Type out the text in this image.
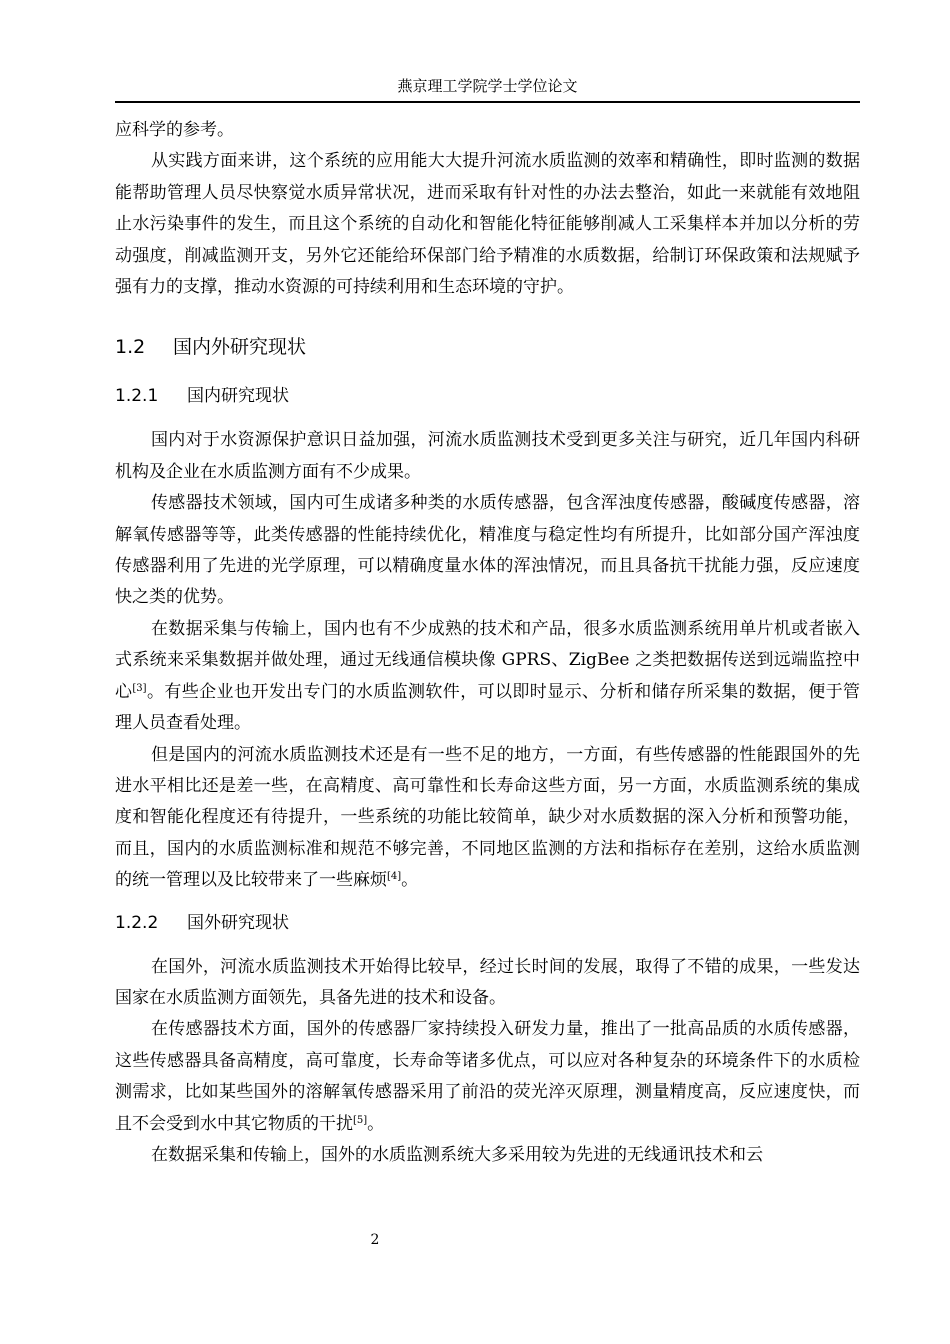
燕京理工学院学士学位论文

应科学的参考。

从实践方面来讲，这个系统的应用能大大提升河流水质监测的效率和精确性，即时监测的数据能帮助管理人员尽快察觉水质异常状况，进而采取有针对性的办法去整治，如此一来就能有效地阻止水污染事件的发生，而且这个系统的自动化和智能化特征能够削减人工采集样本并加以分析的劳动强度，削减监测开支，另外它还能给环保部门给予精准的水质数据，给制订环保政策和法规赋予强有力的支撑，推动水资源的可持续利用和生态环境的守护。

1.2 国内外研究现状
1.2.1 国内研究现状

国内对于水资源保护意识日益加强，河流水质监测技术受到更多关注与研究，近几年国内科研机构及企业在水质监测方面有不少成果。

传感器技术领域，国内可生成诸多种类的水质传感器，包含浑浊度传感器，酸碱度传感器，溶解氧传感器等等，此类传感器的性能持续优化，精准度与稳定性均有所提升，比如部分国产浑浊度传感器利用了先进的光学原理，可以精确度量水体的浑浊情况，而且具备抗干扰能力强，反应速度快之类的优势。

在数据采集与传输上，国内也有不少成熟的技术和产品，很多水质监测系统用单片机或者嵌入式系统来采集数据并做处理，通过无线通信模块像 GPRS、ZigBee 之类把数据传送到远端监控中心[3]。有些企业也开发出专门的水质监测软件，可以即时显示、分析和储存所采集的数据，便于管理人员查看处理。

但是国内的河流水质监测技术还是有一些不足的地方，一方面，有些传感器的性能跟国外的先进水平相比还是差一些，在高精度、高可靠性和长寿命这些方面，另一方面，水质监测系统的集成度和智能化程度还有待提升，一些系统的功能比较简单，缺少对水质数据的深入分析和预警功能，而且，国内的水质监测标准和规范不够完善，不同地区监测的方法和指标存在差别，这给水质监测的统一管理以及比较带来了一些麻烦[4]。

1.2.2 国外研究现状

在国外，河流水质监测技术开始得比较早，经过长时间的发展，取得了不错的成果，一些发达国家在水质监测方面领先，具备先进的技术和设备。

在传感器技术方面，国外的传感器厂家持续投入研发力量，推出了一批高品质的水质传感器，这些传感器具备高精度，高可靠度，长寿命等诸多优点，可以应对各种复杂的环境条件下的水质检测需求，比如某些国外的溶解氧传感器采用了前沿的荧光淬灭原理，测量精度高，反应速度快，而且不会受到水中其它物质的干扰[5]。

在数据采集和传输上，国外的水质监测系统大多采用较为先进的无线通讯技术和云

2
